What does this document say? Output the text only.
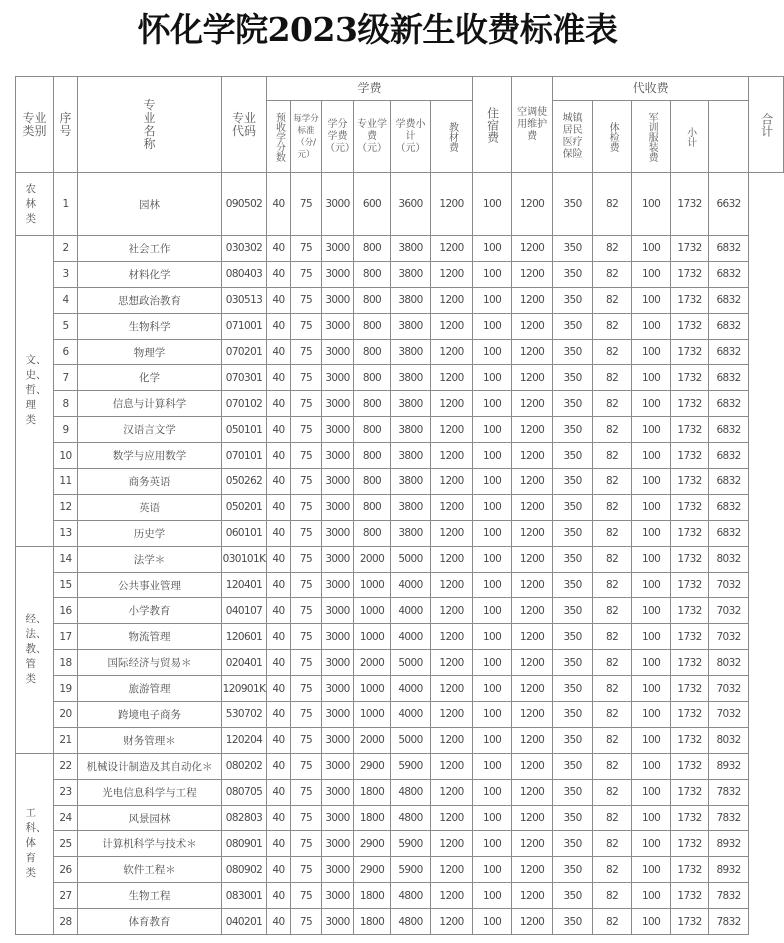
怀化学院2023级新生收费标准表
专业类别	序号	专业名称	专业代码	学费						住宿费	空调使用维护费	代收费					合计
				预收学分数	每学分标准（分/元）	学分学费（元）	专业学费（元）	学费小计（元）	教材费			城镇居民医疗保险	体检费	军训服装费	小计		
农林类	1	园林	090502	40	75	3000	600	3600	1200	100	1200	350	82	100	1732	6632	
文、史、哲、理类	2	社会工作	030302	40	75	3000	800	3800	1200	100	1200	350	82	100	1732	6832	
	3	材料化学	080403	40	75	3000	800	3800	1200	100	1200	350	82	100	1732	6832	
	4	思想政治教育	030513	40	75	3000	800	3800	1200	100	1200	350	82	100	1732	6832	
	5	生物科学	071001	40	75	3000	800	3800	1200	100	1200	350	82	100	1732	6832	
	6	物理学	070201	40	75	3000	800	3800	1200	100	1200	350	82	100	1732	6832	
	7	化学	070301	40	75	3000	800	3800	1200	100	1200	350	82	100	1732	6832	
	8	信息与计算科学	070102	40	75	3000	800	3800	1200	100	1200	350	82	100	1732	6832	
	9	汉语言文学	050101	40	75	3000	800	3800	1200	100	1200	350	82	100	1732	6832	
	10	数学与应用数学	070101	40	75	3000	800	3800	1200	100	1200	350	82	100	1732	6832	
	11	商务英语	050262	40	75	3000	800	3800	1200	100	1200	350	82	100	1732	6832	
	12	英语	050201	40	75	3000	800	3800	1200	100	1200	350	82	100	1732	6832	
	13	历史学	060101	40	75	3000	800	3800	1200	100	1200	350	82	100	1732	6832	
经、法、教、管类	14	法学＊	030101K	40	75	3000	2000	5000	1200	100	1200	350	82	100	1732	8032	
	15	公共事业管理	120401	40	75	3000	1000	4000	1200	100	1200	350	82	100	1732	7032	
	16	小学教育	040107	40	75	3000	1000	4000	1200	100	1200	350	82	100	1732	7032	
	17	物流管理	120601	40	75	3000	1000	4000	1200	100	1200	350	82	100	1732	7032	
	18	国际经济与贸易＊	020401	40	75	3000	2000	5000	1200	100	1200	350	82	100	1732	8032	
	19	旅游管理	120901K	40	75	3000	1000	4000	1200	100	1200	350	82	100	1732	7032	
	20	跨境电子商务	530702	40	75	3000	1000	4000	1200	100	1200	350	82	100	1732	7032	
	21	财务管理＊	120204	40	75	3000	2000	5000	1200	100	1200	350	82	100	1732	8032	
工科、体育类	22	机械设计制造及其自动化＊	080202	40	75	3000	2900	5900	1200	100	1200	350	82	100	1732	8932	
	23	光电信息科学与工程	080705	40	75	3000	1800	4800	1200	100	1200	350	82	100	1732	7832	
	24	风景园林	082803	40	75	3000	1800	4800	1200	100	1200	350	82	100	1732	7832	
	25	计算机科学与技术＊	080901	40	75	3000	2900	5900	1200	100	1200	350	82	100	1732	8932	
	26	软件工程＊	080902	40	75	3000	2900	5900	1200	100	1200	350	82	100	1732	8932	
	27	生物工程	083001	40	75	3000	1800	4800	1200	100	1200	350	82	100	1732	7832	
	28	体育教育	040201	40	75	3000	1800	4800	1200	100	1200	350	82	100	1732	7832	
